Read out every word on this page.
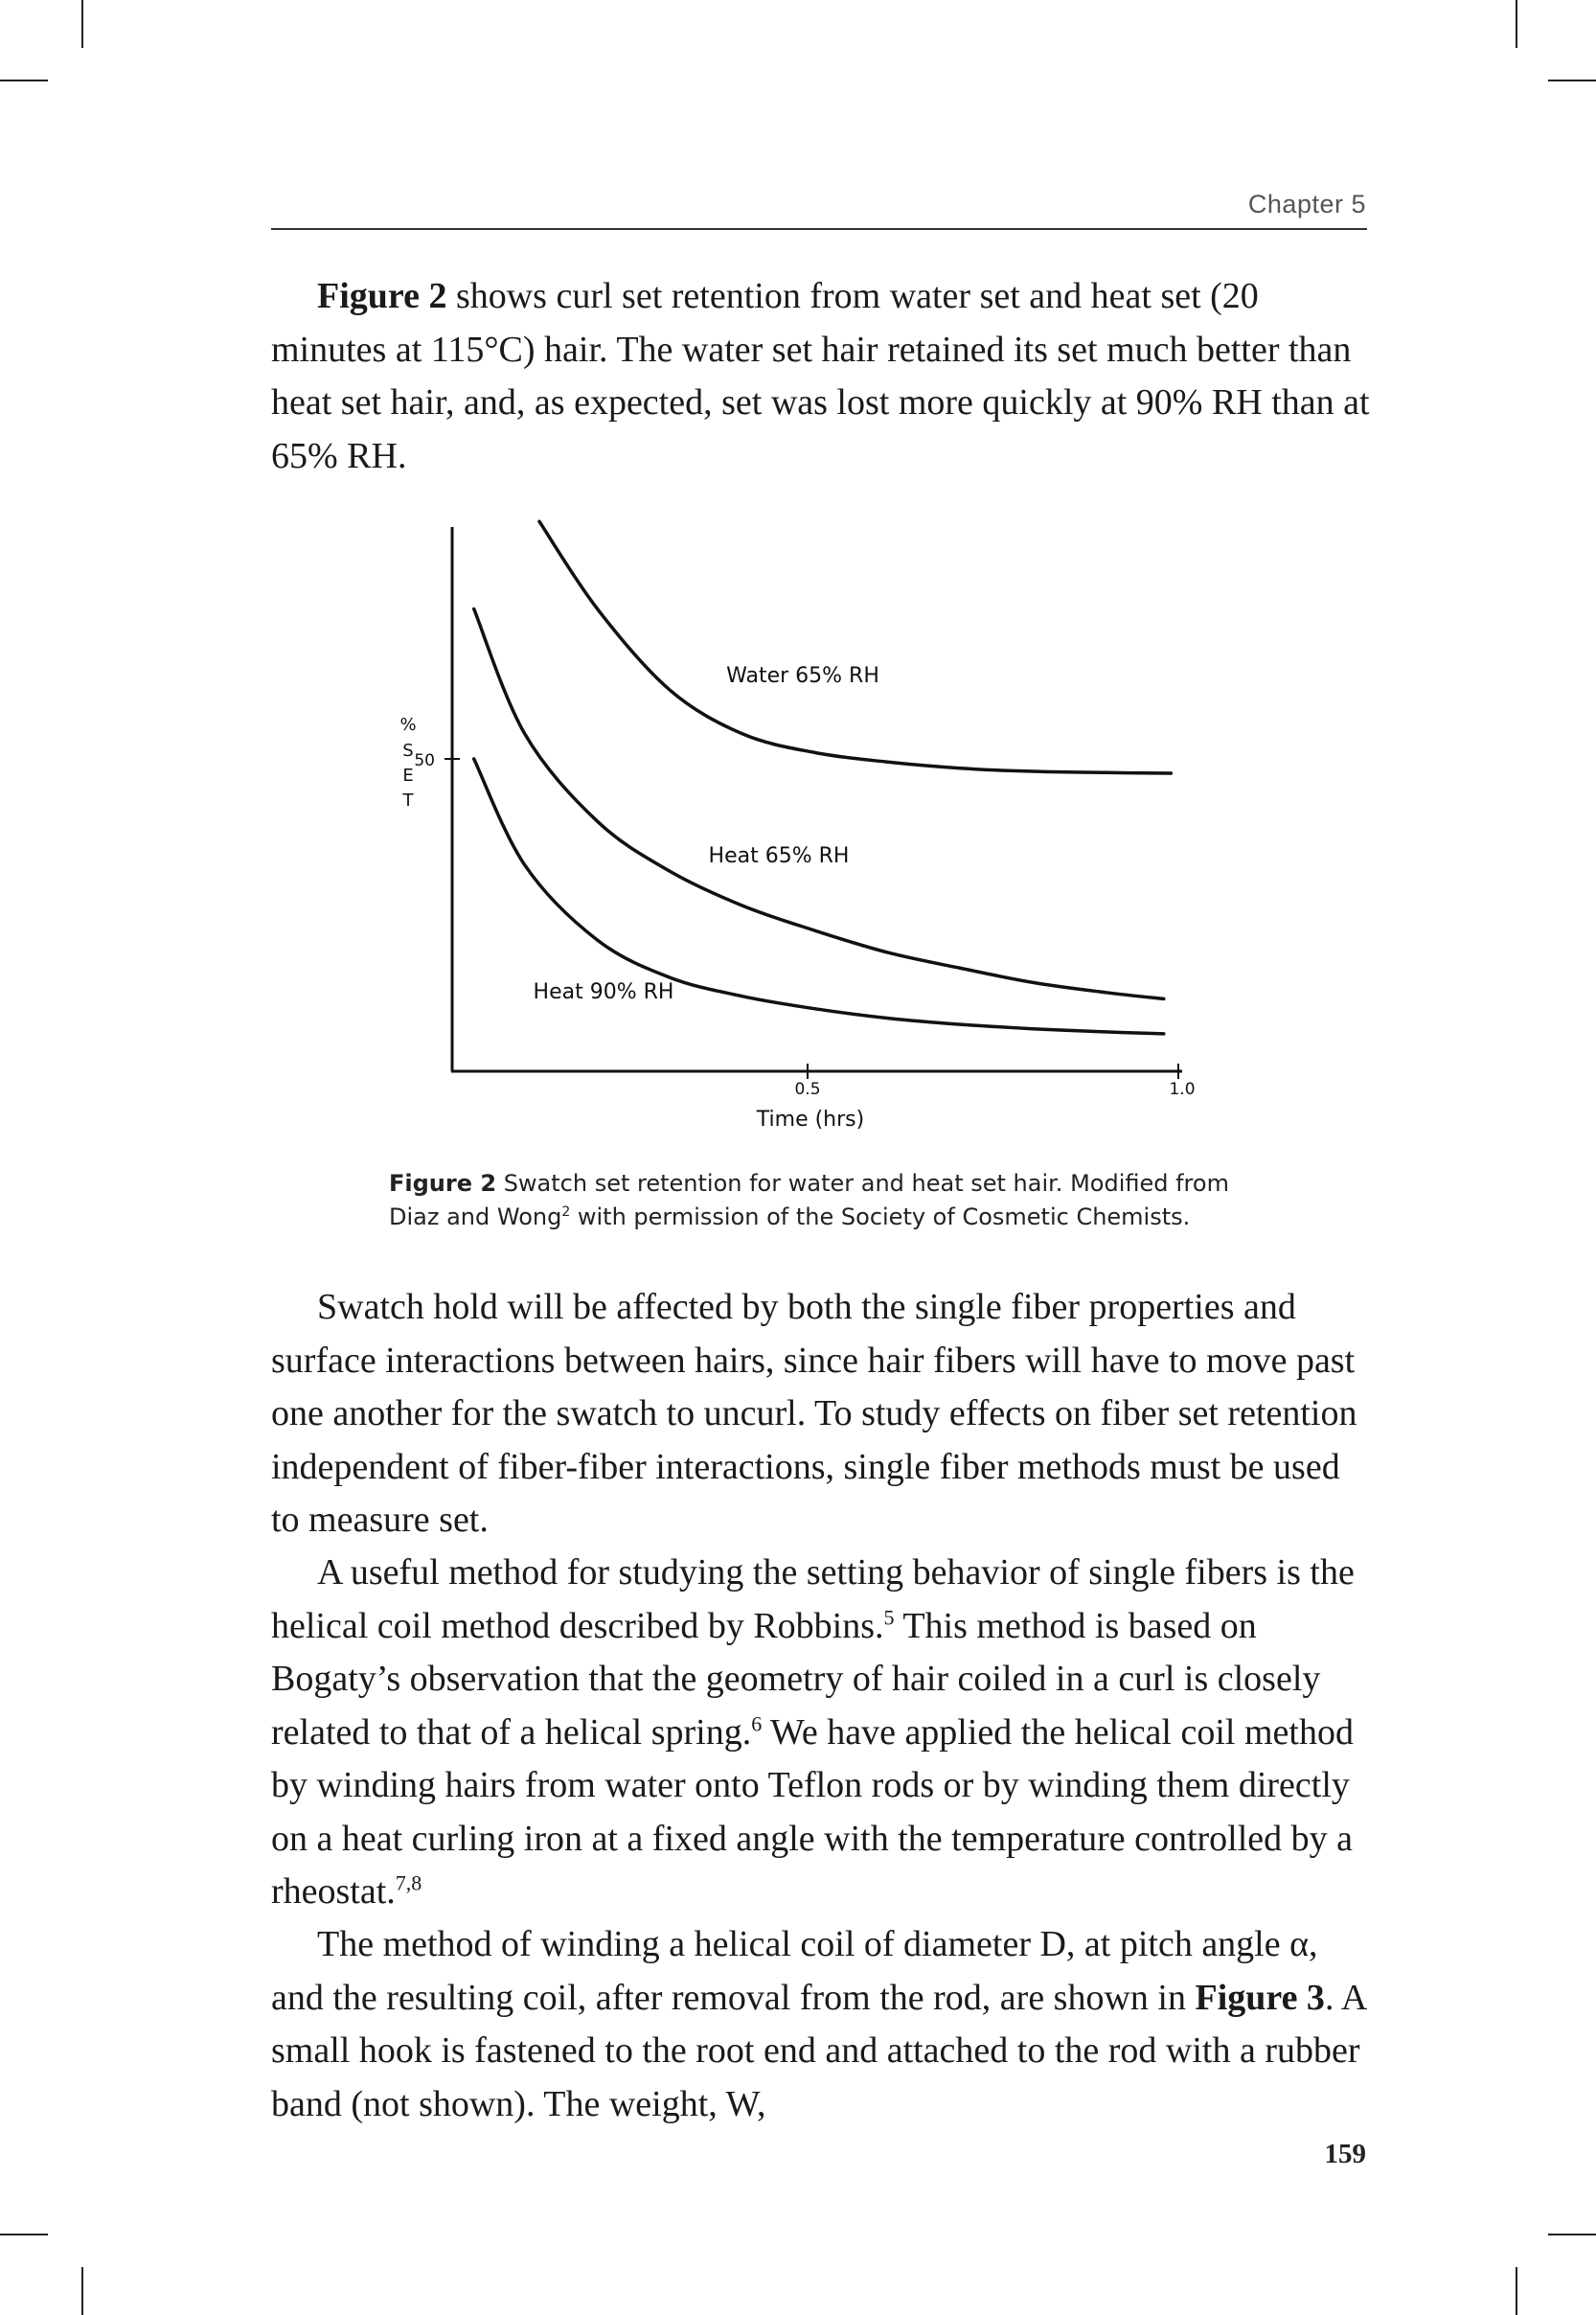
Chapter 5

Figure 2 shows curl set retention from water set and heat set (20 minutes at 115°C) hair. The water set hair retained its set much better than heat set hair, and, as expected, set was lost more quickly at 90% RH than at 65% RH.

0.5	1.0
50
Time (hrs)
%
S
E
T
Water 65% RH
Heat 65% RH
Heat 90% RH
Figure 2 Swatch set retention for water and heat set hair. Modified from Diaz and Wong$^2$ with permission of the Society of Cosmetic Chemists.

Swatch hold will be affected by both the single fiber properties and surface interactions between hairs, since hair fibers will have to move past one another for the swatch to uncurl. To study effects on fiber set retention independent of fiber-fiber interactions, single fiber methods must be used to measure set.

A useful method for studying the setting behavior of single fibers is the helical coil method described by Robbins.$^5$ This method is based on Bogaty’s observation that the geometry of hair coiled in a curl is closely related to that of a helical spring.$^6$ We have applied the helical coil method by winding hairs from water onto Teflon rods or by winding them directly on a heat curling iron at a fixed angle with the temperature controlled by a rheostat.$^{7,8}$

The method of winding a helical coil of diameter D, at pitch angle α, and the resulting coil, after removal from the rod, are shown in Figure 3. A small hook is fastened to the root end and attached to the rod with a rubber band (not shown). The weight, W,

159
